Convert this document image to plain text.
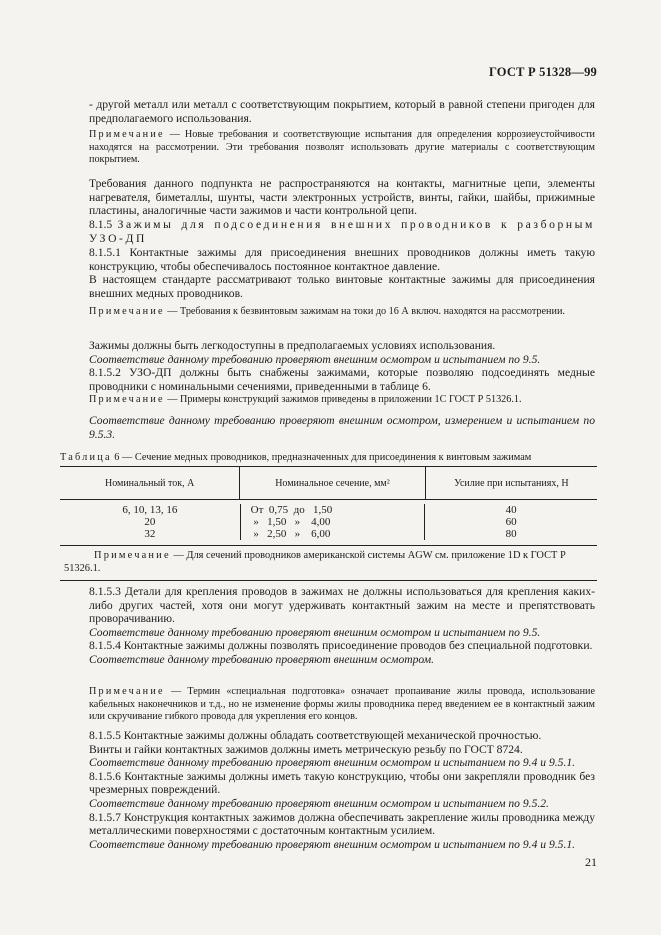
ГОСТ Р 51328—99

- другой металл или металл с соответствующим покрытием, который в равной степени пригоден для предполагаемого использования.

Примечание — Новые требования и соответствующие испытания для определения коррозиеустойчивости находятся на рассмотрении. Эти требования позволят использовать другие материалы с соответствующим покрытием.

Требования данного подпункта не распространяются на контакты, магнитные цепи, элементы нагревателя, биметаллы, шунты, части электронных устройств, винты, гайки, шайбы, прижимные пластины, аналогичные части зажимов и части контрольной цепи.

8.1.5 Зажимы для подсоединения внешних проводников к разборным УЗО-ДП

8.1.5.1 Контактные зажимы для присоединения внешних проводников должны иметь такую конструкцию, чтобы обеспечивалось постоянное контактное давление.

В настоящем стандарте рассматривают только винтовые контактные зажимы для присоединения внешних медных проводников.

Примечание — Требования к безвинтовым зажимам на токи до 16 А включ. находятся на рассмотрении.

Зажимы должны быть легкодоступны в предполагаемых условиях использования.

Соответствие данному требованию проверяют внешним осмотром и испытанием по 9.5.

8.1.5.2 УЗО-ДП должны быть снабжены зажимами, которые позволяю подсоединять медные проводники с номинальными сечениями, приведенными в таблице 6.

Примечание — Примеры конструкций зажимов приведены в приложении 1С ГОСТ Р 51326.1.

Соответствие данному требованию проверяют внешним осмотром, измерением и испытанием по 9.5.3.

Таблица 6 — Сечение медных проводников, предназначенных для присоединения к винтовым зажимам
Номинальный ток, А	Номинальное сечение, мм²	Усилие при испытаниях, Н
6, 10, 13, 16	От  0,75  до   1,50	40
20	»   1,50   »    4,00	60
32	»   2,50   »    6,00	80
Примечание — Для сечений проводников американской системы AGW см. приложение 1D к ГОСТ Р 51326.1.

8.1.5.3 Детали для крепления проводов в зажимах не должны использоваться для крепления каких-либо других частей, хотя они могут удерживать контактный зажим на месте и препятствовать проворачиванию.

Соответствие данному требованию проверяют внешним осмотром и испытанием по 9.5.

8.1.5.4 Контактные зажимы должны позволять присоединение проводов без специальной подготовки.

Соответствие данному требованию проверяют внешним осмотром.

Примечание — Термин «специальная подготовка» означает пропаивание жилы провода, использование кабельных наконечников и т.д., но не изменение формы жилы проводника перед введением ее в контактный зажим или скручивание гибкого провода для укрепления его концов.

8.1.5.5 Контактные зажимы должны обладать соответствующей механической прочностью.

Винты и гайки контактных зажимов должны иметь метрическую резьбу по ГОСТ 8724.

Соответствие данному требованию проверяют внешним осмотром и испытанием по 9.4 и 9.5.1.

8.1.5.6 Контактные зажимы должны иметь такую конструкцию, чтобы они закрепляли проводник без чрезмерных повреждений.

Соответствие данному требованию проверяют внешним осмотром и испытанием по 9.5.2.

8.1.5.7 Конструкция контактных зажимов должна обеспечивать закрепление жилы проводника между металлическими поверхностями с достаточным контактным усилием.

Соответствие данному требованию проверяют внешним осмотром и испытанием по 9.4 и 9.5.1.

21
